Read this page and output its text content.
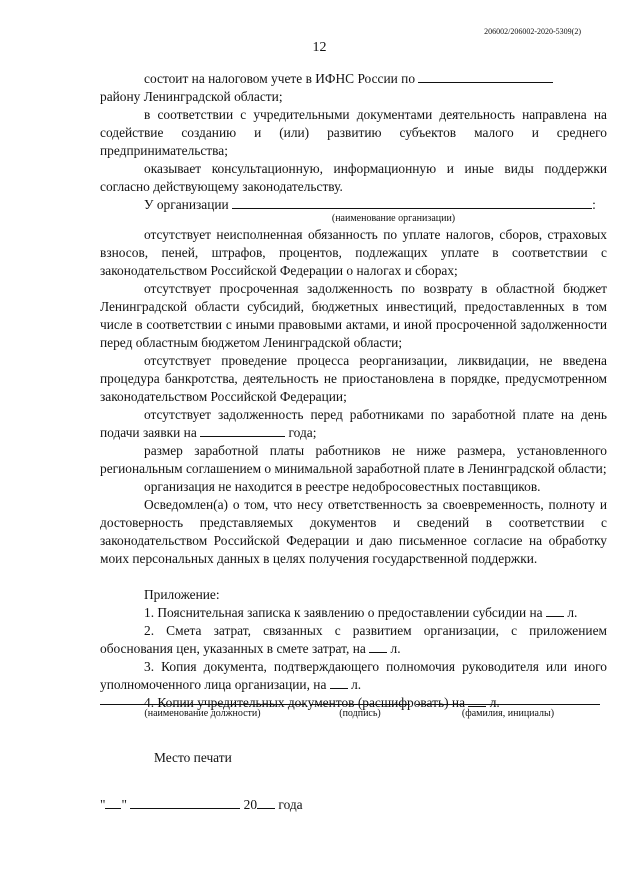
206002/206002-2020-5309(2)
12

состоит на налоговом учете в ИФНС России по

району Ленинградской области;

в соответствии с учредительными документами деятельность направлена на содействие созданию и (или) развитию субъектов малого и среднего предпринимательства;

оказывает консультационную, информационную и иные виды поддержки согласно действующему законодательству.

У организации	:

(наименование организации)

отсутствует неисполненная обязанность по уплате налогов, сборов, страховых взносов, пеней, штрафов, процентов, подлежащих уплате в соответствии с законодательством Российской Федерации о налогах и сборах;

отсутствует просроченная задолженность по возврату в областной бюджет Ленинградской области субсидий, бюджетных инвестиций, предоставленных в том числе в соответствии с иными правовыми актами, и иной просроченной задолженности перед областным бюджетом Ленинградской области;

отсутствует проведение процесса реорганизации, ликвидации, не введена процедура банкротства, деятельность не приостановлена в порядке, предусмотренном законодательством Российской Федерации;

отсутствует задолженность перед работниками по заработной плате на день подачи заявки на	года;

размер заработной платы работников не ниже размера, установленного региональным соглашением о минимальной заработной плате в Ленинградской области;

организация не находится в реестре недобросовестных поставщиков.

Осведомлен(а) о том, что несу ответственность за своевременность, полноту и достоверность представляемых документов и сведений в соответствии с законодательством Российской Федерации и даю письменное согласие на обработку моих персональных данных в целях получения государственной поддержки.

Приложение:

1. Пояснительная записка к заявлению о предоставлении субсидии на л.

2. Смета затрат, связанных с развитием организации, с приложением обоснования цен, указанных в смете затрат, на л.

3. Копия документа, подтверждающего полномочия руководителя или иного уполномоченного лица организации, на л.

4. Копии учредительных документов (расшифровать) на л.

(наименование должности)	(подпись)	(фамилия, инициалы)
Место печати
" "	20 года
